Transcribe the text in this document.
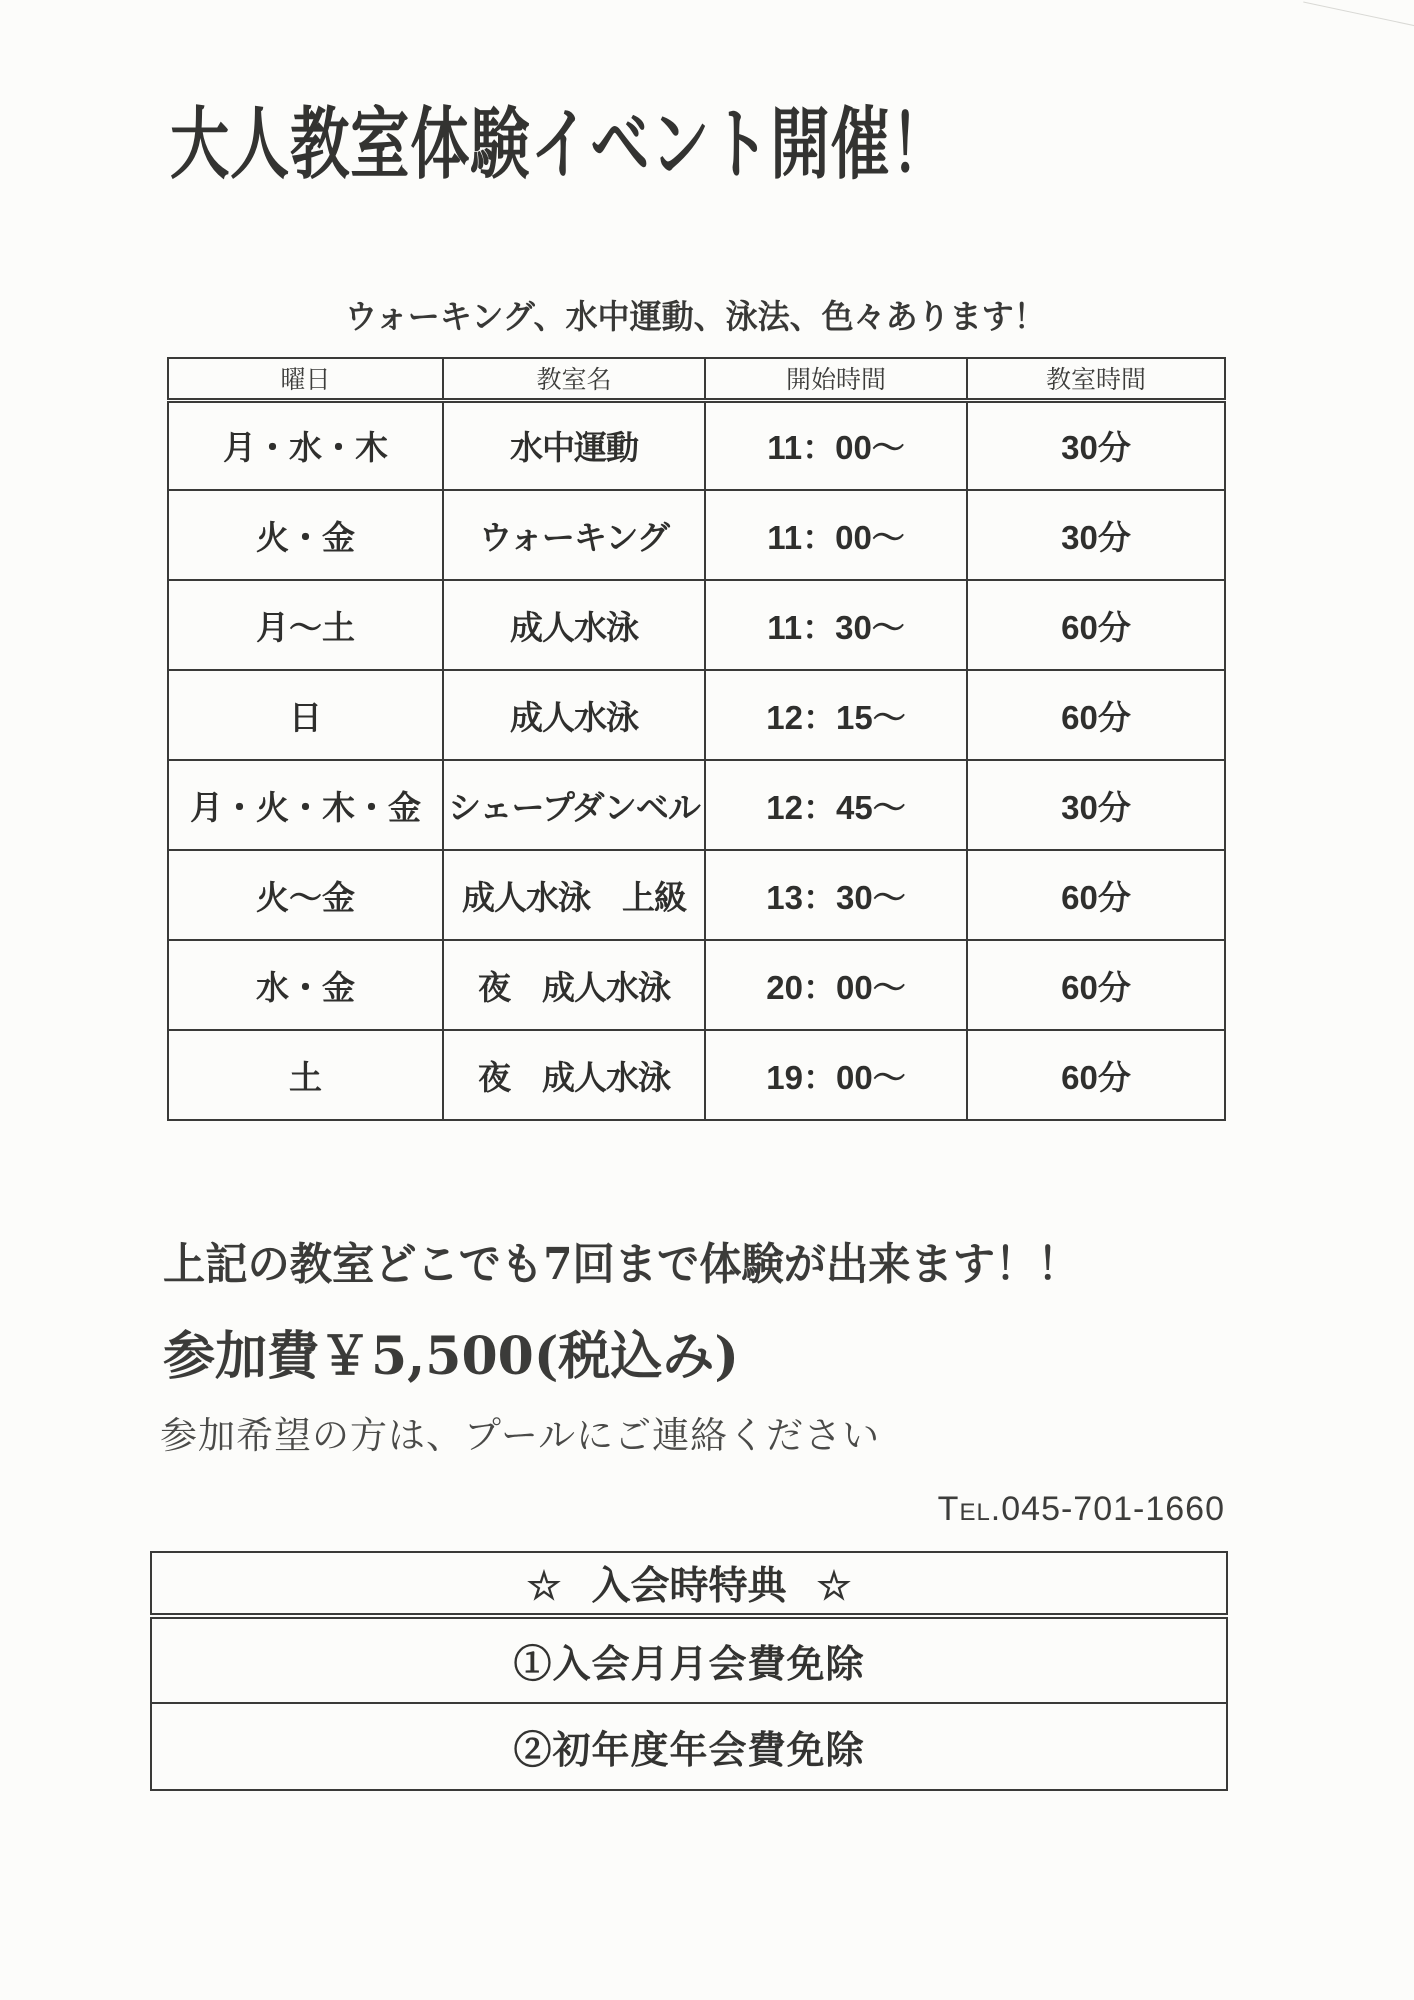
大人教室体験イベント開催！
ウォーキング、水中運動、泳法、色々あります！
曜日	教室名	開始時間	教室時間
月・水・木	水中運動	11：00～	30分
火・金	ウォーキング	11：00～	30分
月～土	成人水泳	11：30～	60分
日	成人水泳	12：15～	60分
月・火・木・金	シェープダンベル	12：45～	30分
火～金	成人水泳　上級	13：30～	60分
水・金	夜　成人水泳	20：00～	60分
土	夜　成人水泳	19：00～	60分
上記の教室どこでも7回まで体験が出来ます！！
参加費￥5,500(税込み)
参加希望の方は、プールにご連絡ください
Tel.045-701-1660
☆ 入会時特典 ☆
①入会月月会費免除
②初年度年会費免除
